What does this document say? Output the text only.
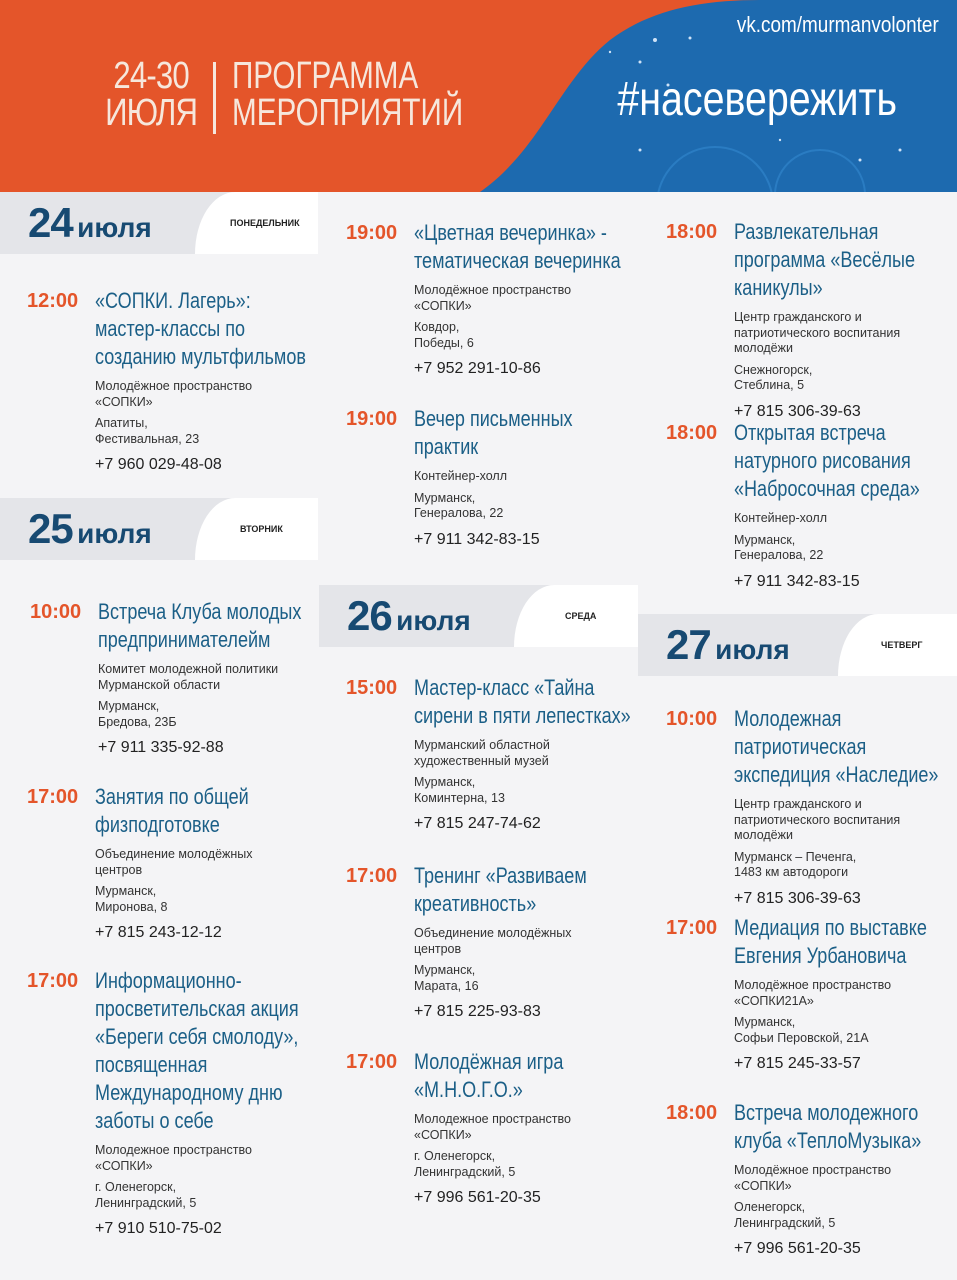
24-30
ИЮЛЯ
ПРОГРАММА
МЕРОПРИЯТИЙ
vk.com/murmanvolonter
#насевережить
24 июля	ПОНЕДЕЛЬНИК
12:00 «СОПКИ. Лагерь»: мастер-классы по созданию мультфильмов
Молодёжное пространство
«СОПКИ»
Апатиты,
Фестивальная, 23
+7 960 029-48-08
25 июля	ВТОРНИК
10:00 Встреча Клуба молодых предпринимателейм
Комитет молодежной политики
Мурманской области
Мурманск,
Бредова, 23Б
+7 911 335-92-88
17:00 Занятия по общей физподготовке
Объединение молодёжных
центров
Мурманск,
Миронова, 8
+7 815 243-12-12
17:00 Информационно-просветительская акция «Береги себя смолоду», посвященная Международному дню заботы о себе
Молодежное пространство
«СОПКИ»
г. Оленегорск,
Ленинградский, 5
+7 910 510-75-02
19:00 «Цветная вечеринка» - тематическая вечеринка
Молодёжное пространство
«СОПКИ»
Ковдор,
Победы, 6
+7 952 291-10-86
19:00 Вечер письменных практик
Контейнер-холл
Мурманск,
Генералова, 22
+7 911 342-83-15
26 июля	СРЕДА
15:00 Мастер-класс «Тайна сирени в пяти лепестках»
Мурманский областной
художественный музей
Мурманск,
Коминтерна, 13
+7 815 247-74-62
17:00 Тренинг «Развиваем креативность»
Объединение молодёжных
центров
Мурманск,
Марата, 16
+7 815 225-93-83
17:00 Молодёжная игра «М.Н.О.Г.О.»
Молодежное пространство
«СОПКИ»
г. Оленегорск,
Ленинградский, 5
+7 996 561-20-35
18:00 Развлекательная программа «Весёлые каникулы»
Центр гражданского и
патриотического воспитания
молодёжи
Снежногорск,
Стеблина, 5
+7 815 306-39-63
18:00 Открытая встреча натурного рисования «Набросочная среда»
Контейнер-холл
Мурманск,
Генералова, 22
+7 911 342-83-15
27 июля	ЧЕТВЕРГ
10:00 Молодежная патриотическая экспедиция «Наследие»
Центр гражданского и
патриотического воспитания
молодёжи
Мурманск – Печенга,
1483 км автодороги
+7 815 306-39-63
17:00 Медиация по выставке Евгения Урбановича
Молодёжное пространство
«СОПКИ21А»
Мурманск,
Софьи Перовской, 21А
+7 815 245-33-57
18:00 Встреча молодежного клуба «ТеплоМузыка»
Молодёжное пространство
«СОПКИ»
Оленегорск,
Ленинградский, 5
+7 996 561-20-35
